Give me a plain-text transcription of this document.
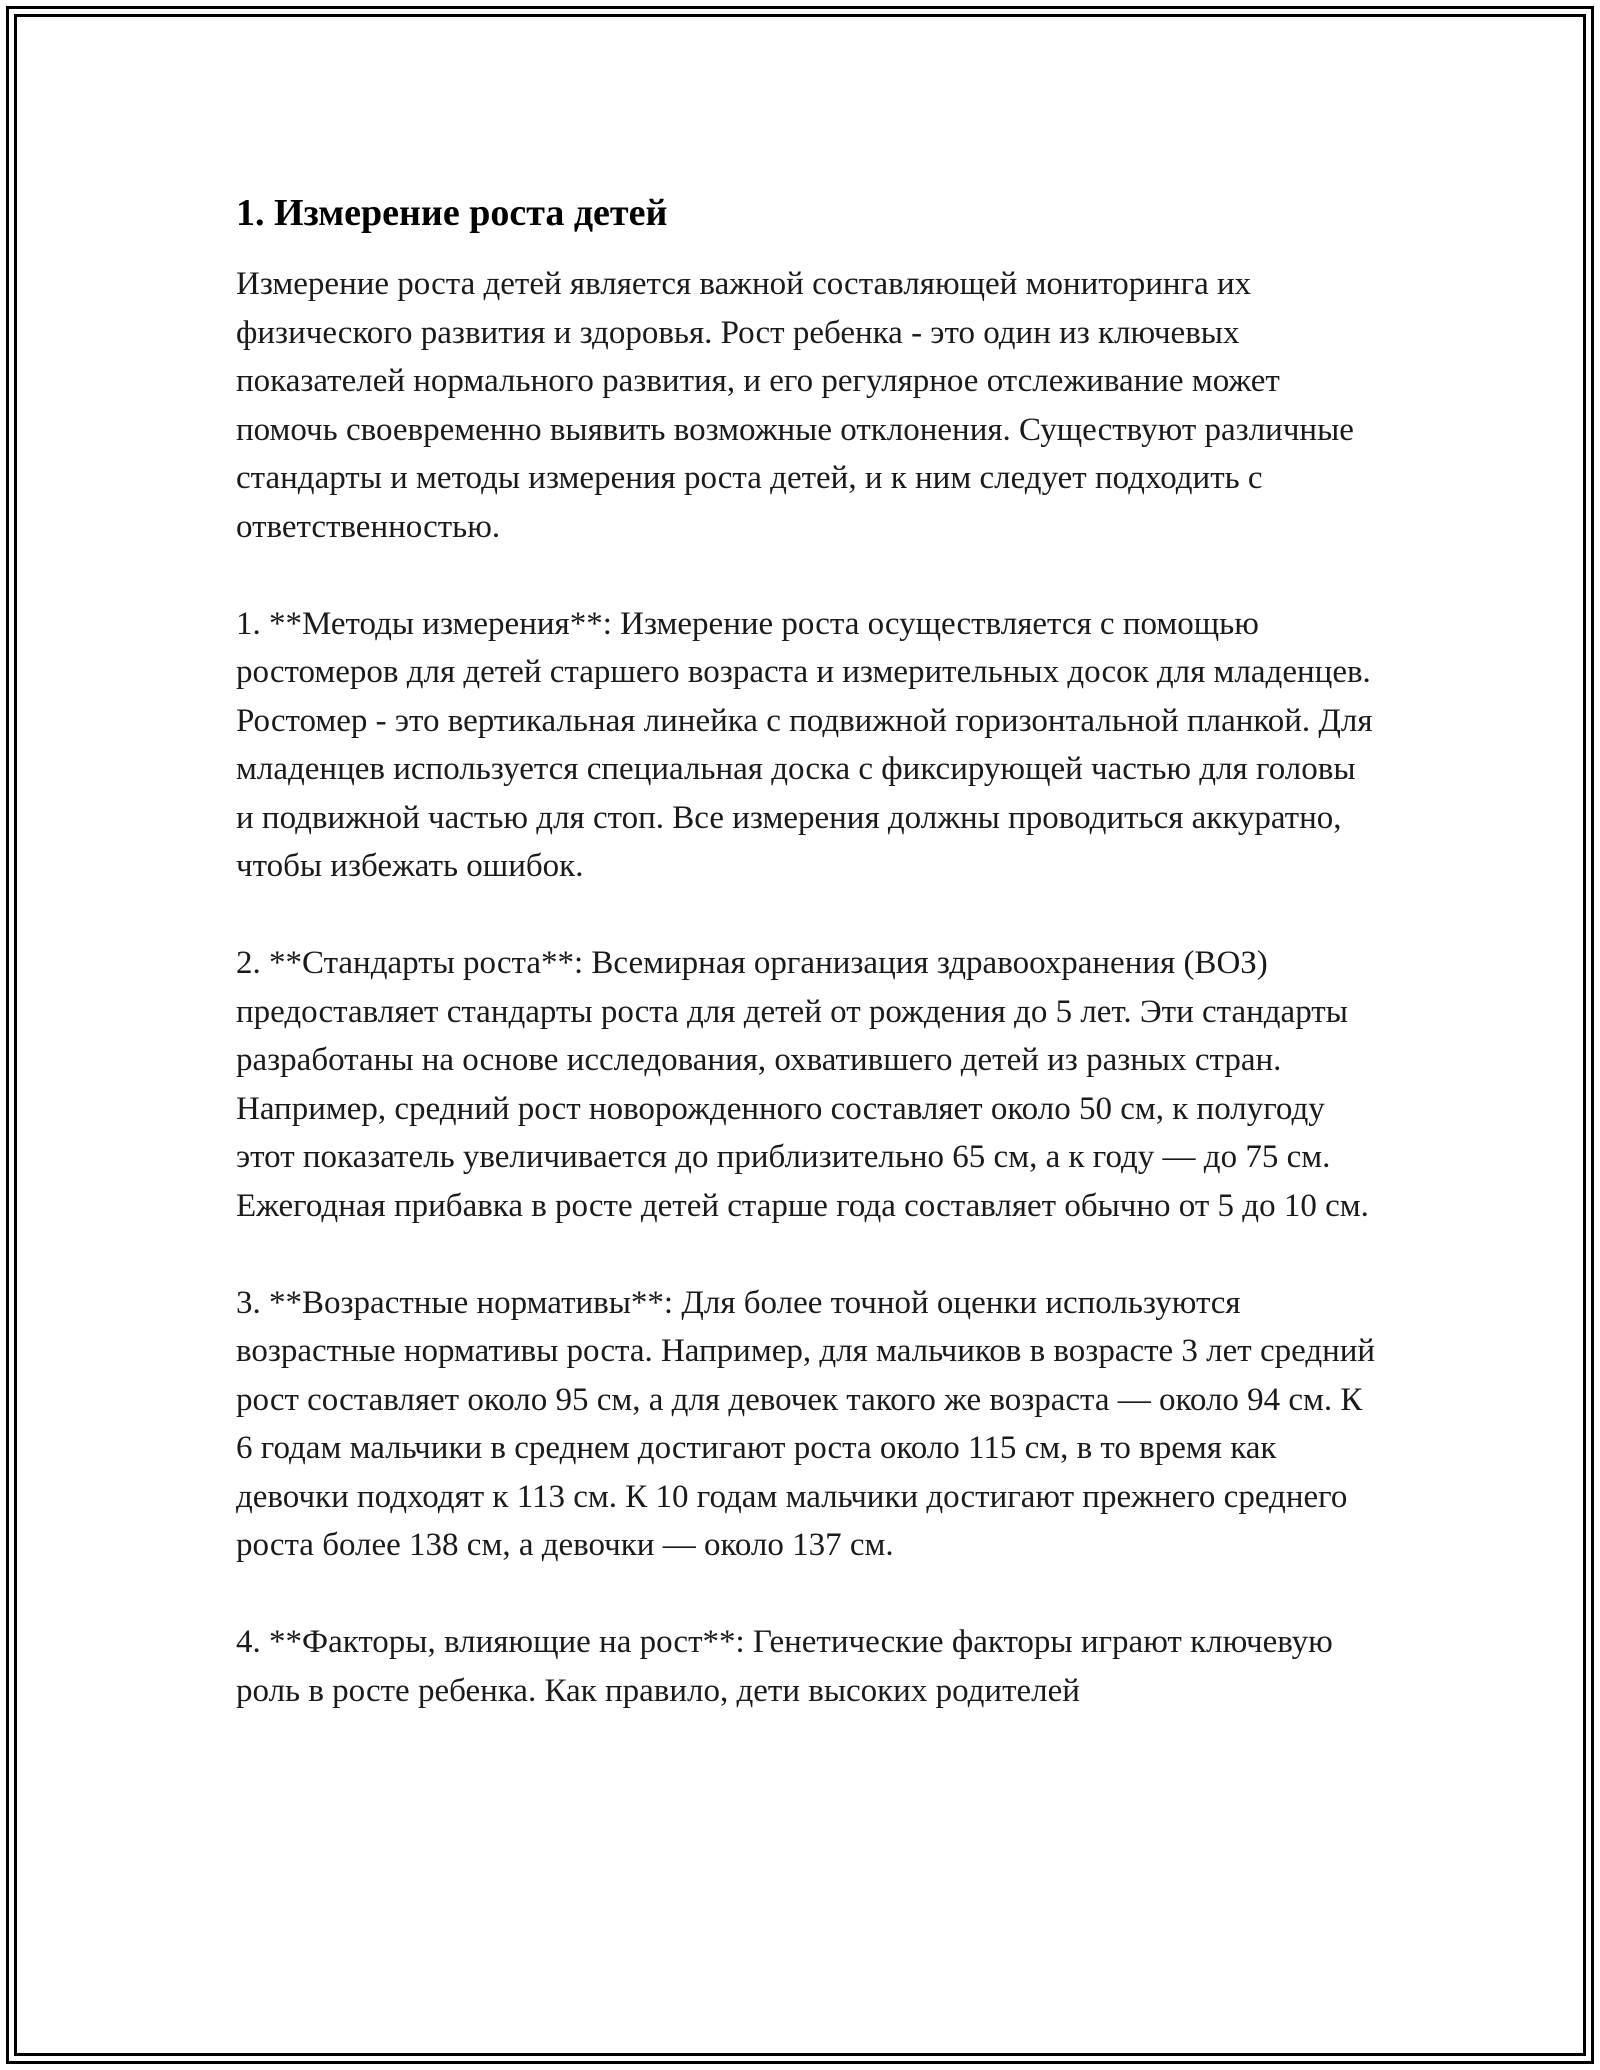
1. Измерение роста детей

Измерение роста детей является важной составляющей мониторинга их физического развития и здоровья. Рост ребенка - это один из ключевых показателей нормального развития, и его регулярное отслеживание может помочь своевременно выявить возможные отклонения. Существуют различные стандарты и методы измерения роста детей, и к ним следует подходить с ответственностью.

1. **Методы измерения**: Измерение роста осуществляется с помощью ростомеров для детей старшего возраста и измерительных досок для младенцев. Ростомер - это вертикальная линейка с подвижной горизонтальной планкой. Для младенцев используется специальная доска с фиксирующей частью для головы и подвижной частью для стоп. Все измерения должны проводиться аккуратно, чтобы избежать ошибок.

2. **Стандарты роста**: Всемирная организация здравоохранения (ВОЗ) предоставляет стандарты роста для детей от рождения до 5 лет. Эти стандарты разработаны на основе исследования, охватившего детей из разных стран. Например, средний рост новорожденного составляет около 50 см, к полугоду этот показатель увеличивается до приблизительно 65 см, а к году — до 75 см. Ежегодная прибавка в росте детей старше года составляет обычно от 5 до 10 см.

3. **Возрастные нормативы**: Для более точной оценки используются возрастные нормативы роста. Например, для мальчиков в возрасте 3 лет средний рост составляет около 95 см, а для девочек такого же возраста — около 94 см. К 6 годам мальчики в среднем достигают роста около 115 см, в то время как девочки подходят к 113 см. К 10 годам мальчики достигают прежнего среднего роста более 138 см, а девочки — около 137 см.

4. **Факторы, влияющие на рост**: Генетические факторы играют ключевую роль в росте ребенка. Как правило, дети высоких родителей
